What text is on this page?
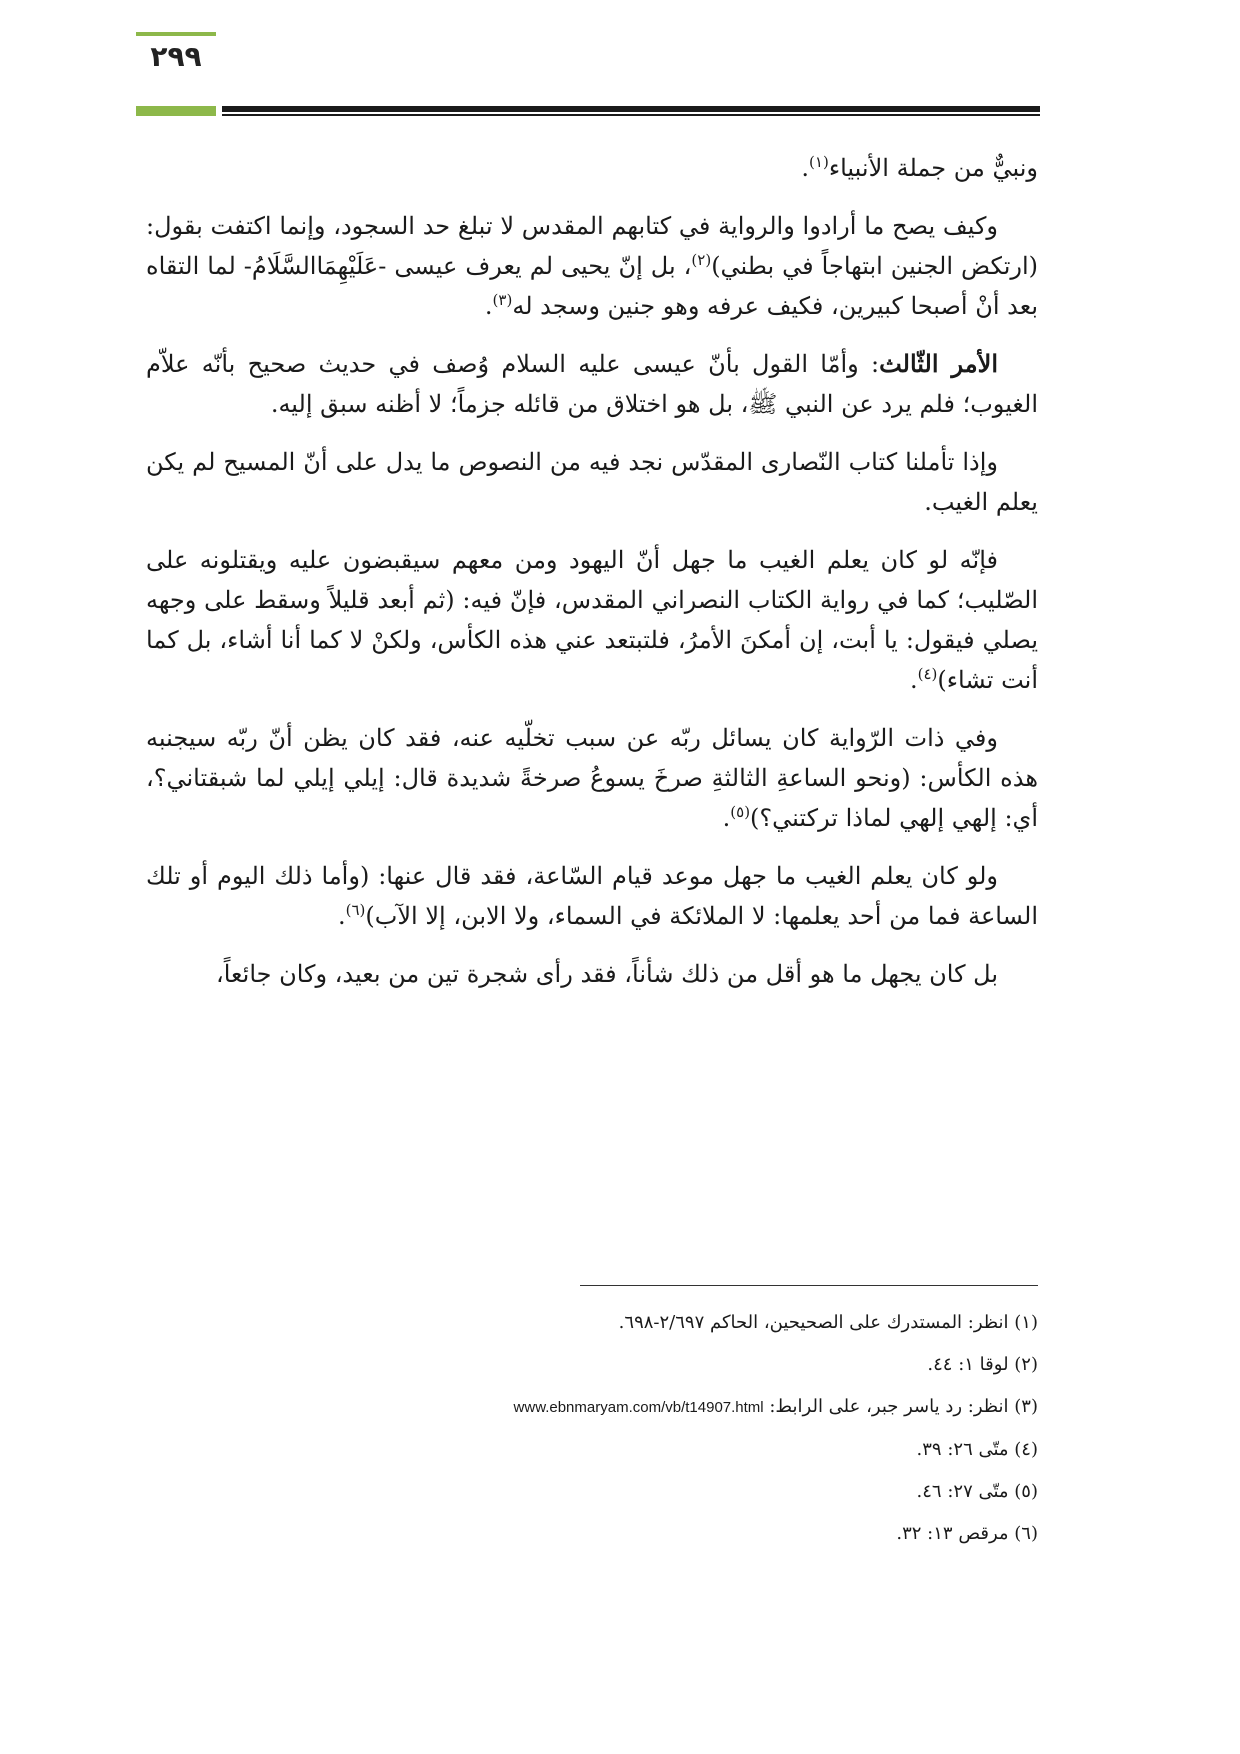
٢٩٩

ونبيٌّ من جملة الأنبياء$^{(١)}$.

وكيف يصح ما أرادوا والرواية في كتابهم المقدس لا تبلغ حد السجود، وإنما اكتفت بقول: (ارتكض الجنين ابتهاجاً في بطني)$^{(٢)}$، بل إنّ يحيى لم يعرف عيسى -عَلَيْهِمَاالسَّلَامُ- لما التقاه بعد أنْ أصبحا كبيرين، فكيف عرفه وهو جنين وسجد له$^{(٣)}$.

الأمر الثّالث: وأمّا القول بأنّ عيسى عليه السلام وُصف في حديث صحيح بأنّه علاّم الغيوب؛ فلم يرد عن النبي ﷺ، بل هو اختلاق من قائله جزماً؛ لا أظنه سبق إليه.

وإذا تأملنا كتاب النّصارى المقدّس نجد فيه من النصوص ما يدل على أنّ المسيح لم يكن يعلم الغيب.

فإنّه لو كان يعلم الغيب ما جهل أنّ اليهود ومن معهم سيقبضون عليه ويقتلونه على الصّليب؛ كما في رواية الكتاب النصراني المقدس، فإنّ فيه: (ثم أبعد قليلاً وسقط على وجهه يصلي فيقول: يا أبت، إن أمكنَ الأمرُ، فلتبتعد عني هذه الكأس، ولكنْ لا كما أنا أشاء، بل كما أنت تشاء)$^{(٤)}$.

وفي ذات الرّواية كان يسائل ربّه عن سبب تخلّيه عنه، فقد كان يظن أنّ ربّه سيجنبه هذه الكأس: (ونحو الساعةِ الثالثةِ صرخَ يسوعُ صرخةً شديدة قال: إيلي إيلي لما شبقتاني؟، أي: إلهي إلهي لماذا تركتني؟)$^{(٥)}$.

ولو كان يعلم الغيب ما جهل موعد قيام السّاعة، فقد قال عنها: (وأما ذلك اليوم أو تلك الساعة فما من أحد يعلمها: لا الملائكة في السماء، ولا الابن، إلا الآب)$^{(٦)}$.

بل كان يجهل ما هو أقل من ذلك شأناً، فقد رأى شجرة تين من بعيد، وكان جائعاً،

(١) انظر: المستدرك على الصحيحين، الحاكم ٢/٦٩٧-٦٩٨.
(٢) لوقا ١: ٤٤.
(٣) انظر: رد ياسر جبر، على الرابط: www.ebnmaryam.com/vb/t14907.html
(٤) متّى ٢٦: ٣٩.
(٥) متّى ٢٧: ٤٦.
(٦) مرقص ١٣: ٣٢.
